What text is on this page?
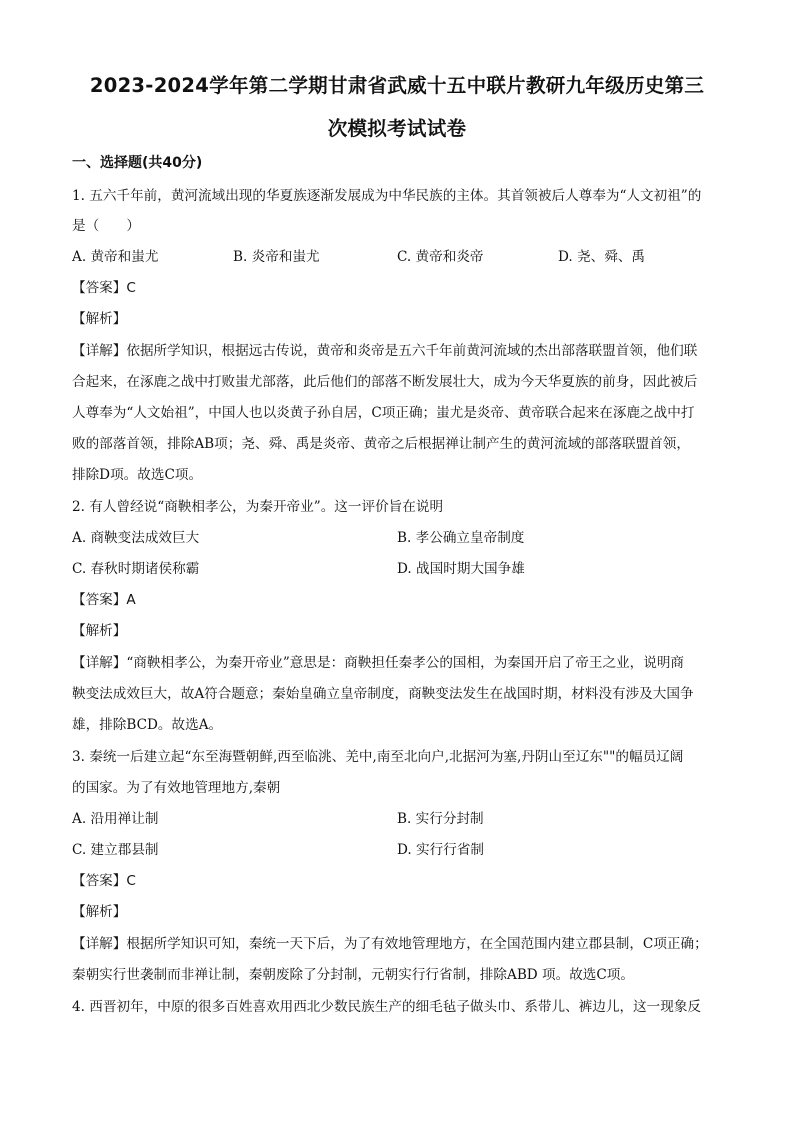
2023-2024学年第二学期甘肃省武威十五中联片教研九年级历史第三
次模拟考试试卷
一、选择题(共40分)
1. 五六千年前，黄河流域出现的华夏族逐渐发展成为中华民族的主体。其首领被后人尊奉为“人文初祖”的
是（　　）
A. 黄帝和蚩尤	B. 炎帝和蚩尤	C. 黄帝和炎帝	D. 尧、舜、禹
【答案】C
【解析】
【详解】依据所学知识，根据远古传说，黄帝和炎帝是五六千年前黄河流域的杰出部落联盟首领，他们联
合起来，在涿鹿之战中打败蚩尤部落，此后他们的部落不断发展壮大，成为今天华夏族的前身，因此被后
人尊奉为“人文始祖”，中国人也以炎黄子孙自居，C项正确；蚩尤是炎帝、黄帝联合起来在涿鹿之战中打
败的部落首领，排除AB项；尧、舜、禹是炎帝、黄帝之后根据禅让制产生的黄河流域的部落联盟首领，
排除D项。故选C项。
2. 有人曾经说“商鞅相孝公，为秦开帝业”。这一评价旨在说明
A. 商鞅变法成效巨大	B. 孝公确立皇帝制度
C. 春秋时期诸侯称霸	D. 战国时期大国争雄
【答案】A
【解析】
【详解】“商鞅相孝公，为秦开帝业”意思是：商鞅担任秦孝公的国相，为秦国开启了帝王之业，说明商
鞅变法成效巨大，故A符合题意；秦始皇确立皇帝制度，商鞅变法发生在战国时期，材料没有涉及大国争
雄，排除BCD。故选A。
3. 秦统一后建立起“东至海暨朝鲜,西至临洮、羌中,南至北向户,北据河为塞,丹阴山至辽东""的幅员辽阔
的国家。为了有效地管理地方,秦朝
A. 沿用禅让制	B. 实行分封制
C. 建立郡县制	D. 实行行省制
【答案】C
【解析】
【详解】根据所学知识可知，秦统一天下后，为了有效地管理地方，在全国范围内建立郡县制，C项正确；
秦朝实行世袭制而非禅让制，秦朝废除了分封制，元朝实行行省制，排除ABD 项。故选C项。
4. 西晋初年，中原的很多百姓喜欢用西北少数民族生产的细毛毡子做头巾、系带儿、裤边儿，这一现象反
